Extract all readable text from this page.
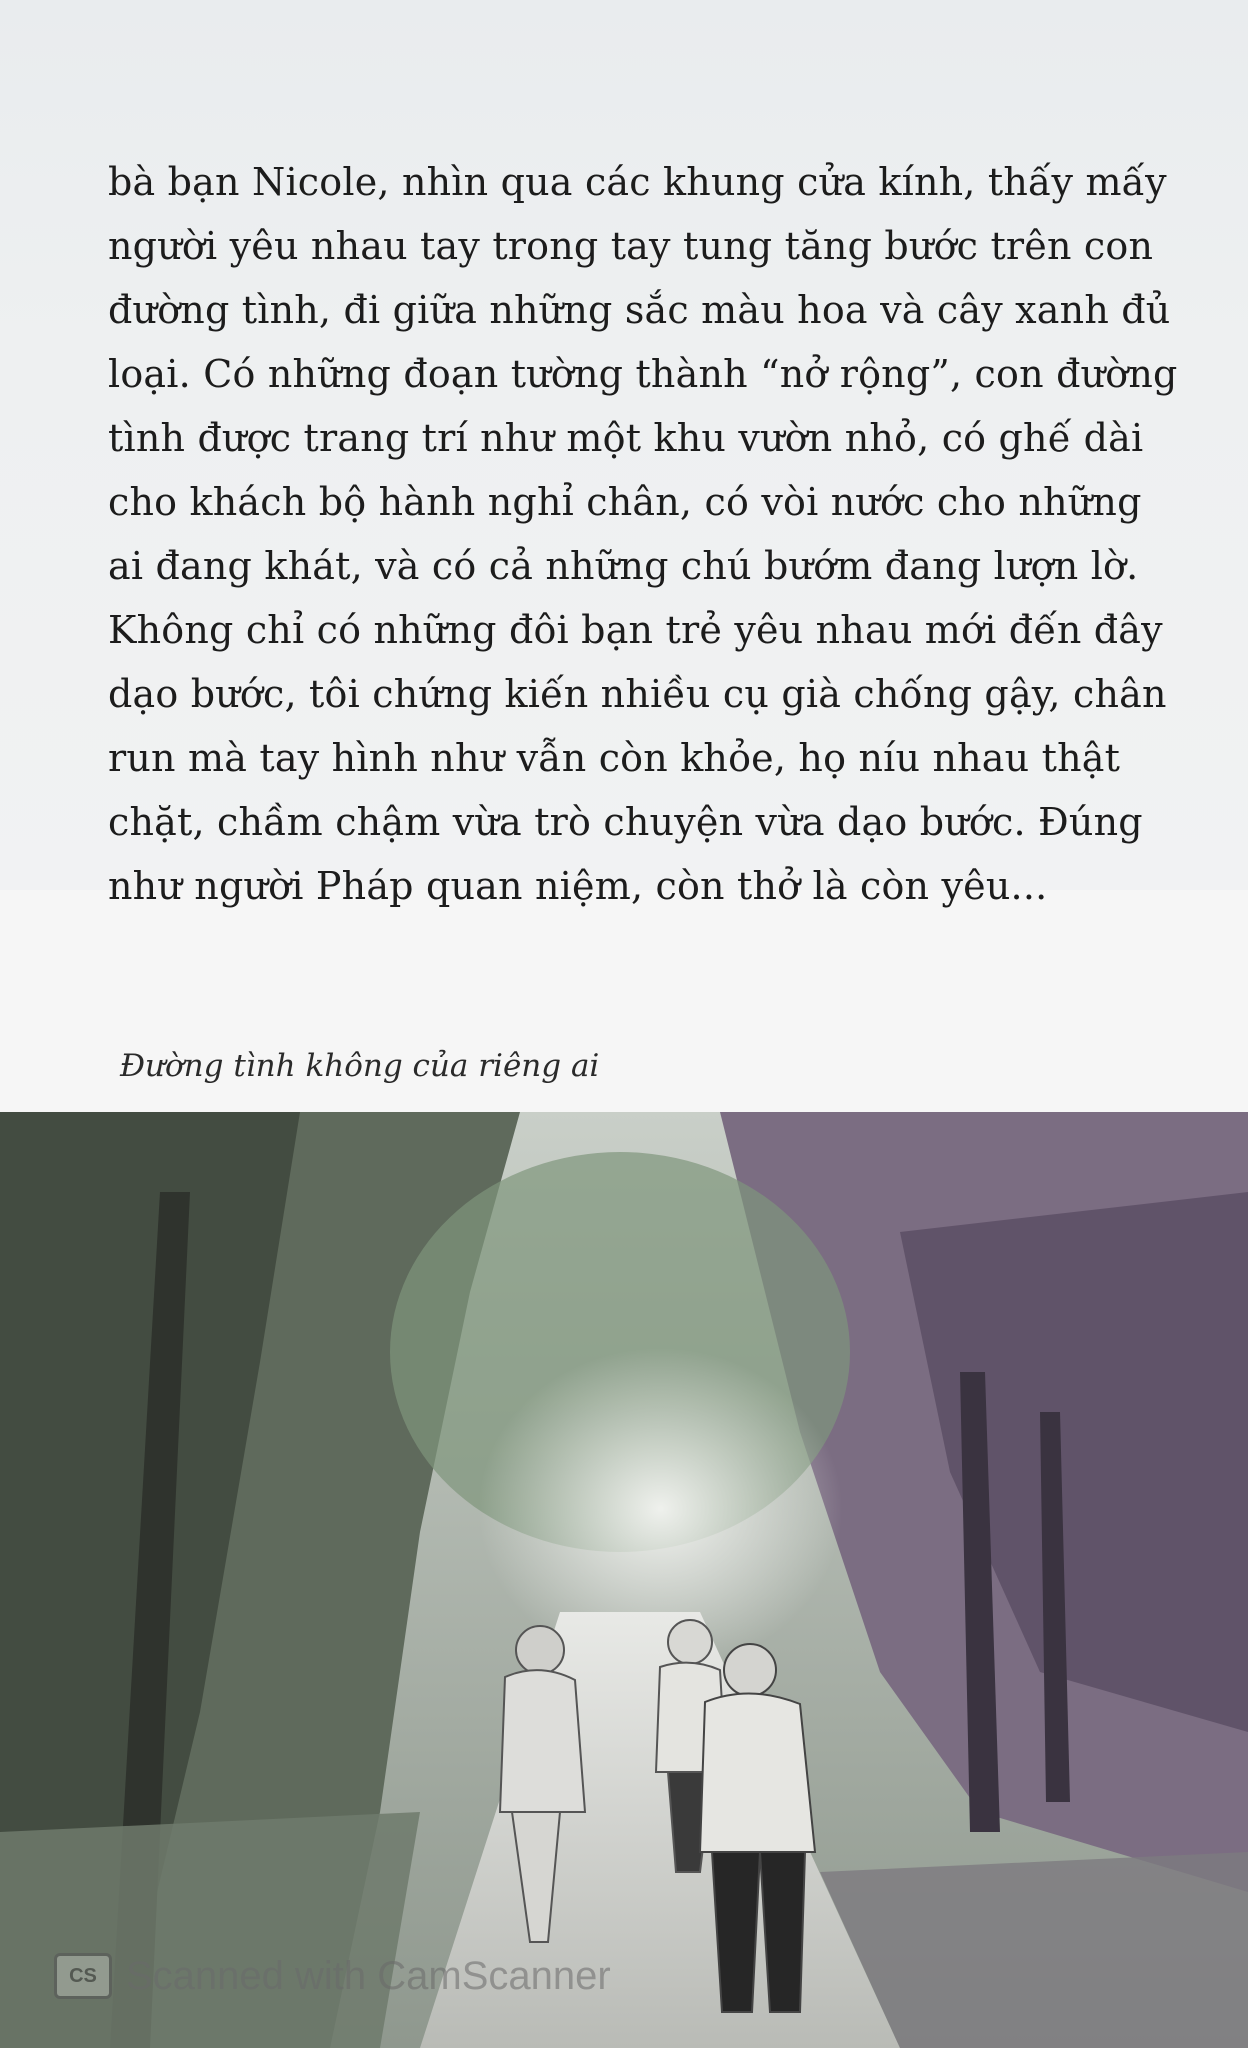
bà bạn Nicole, nhìn qua các khung cửa kính, thấy mấy
người yêu nhau tay trong tay tung tăng bước trên con
đường tình, đi giữa những sắc màu hoa và cây xanh đủ
loại. Có những đoạn tường thành “nở rộng”, con đường
tình được trang trí như một khu vườn nhỏ, có ghế dài
cho khách bộ hành nghỉ chân, có vòi nước cho những
ai đang khát, và có cả những chú bướm đang lượn lờ.
Không chỉ có những đôi bạn trẻ yêu nhau mới đến đây
dạo bước, tôi chứng kiến nhiều cụ già chống gậy, chân
run mà tay hình như vẫn còn khỏe, họ níu nhau thật
chặt, chầm chậm vừa trò chuyện vừa dạo bước. Đúng
như người Pháp quan niệm, còn thở là còn yêu...

Đường tình không của riêng ai

CS Scanned with CamScanner
